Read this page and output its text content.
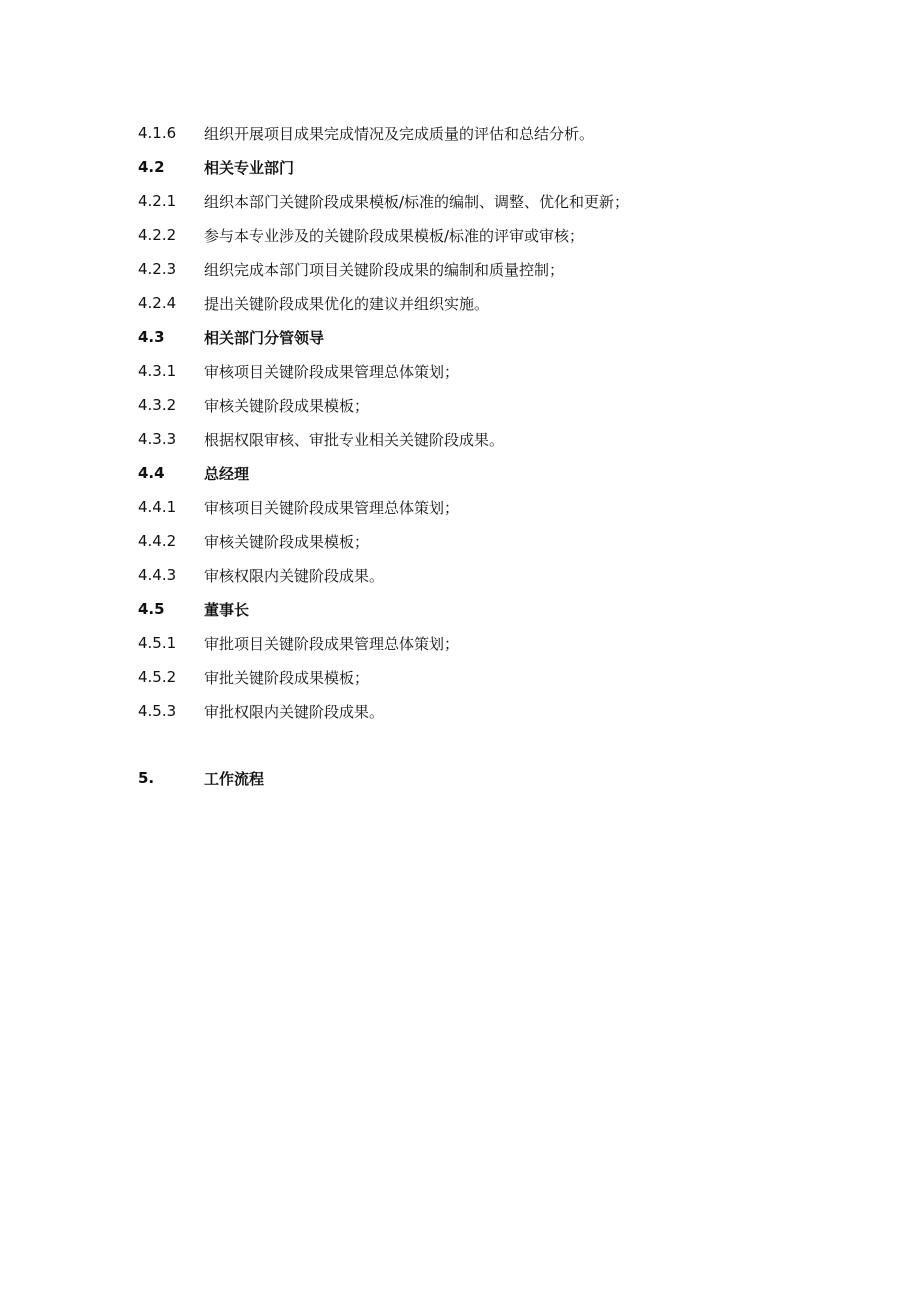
4.1.6	组织开展项目成果完成情况及完成质量的评估和总结分析。
4.2	相关专业部门
4.2.1	组织本部门关键阶段成果模板/标准的编制、调整、优化和更新；
4.2.2	参与本专业涉及的关键阶段成果模板/标准的评审或审核；
4.2.3	组织完成本部门项目关键阶段成果的编制和质量控制；
4.2.4	提出关键阶段成果优化的建议并组织实施。
4.3	相关部门分管领导
4.3.1	审核项目关键阶段成果管理总体策划；
4.3.2	审核关键阶段成果模板；
4.3.3	根据权限审核、审批专业相关关键阶段成果。
4.4	总经理
4.4.1	审核项目关键阶段成果管理总体策划；
4.4.2	审核关键阶段成果模板；
4.4.3	审核权限内关键阶段成果。
4.5	董事长
4.5.1	审批项目关键阶段成果管理总体策划；
4.5.2	审批关键阶段成果模板；
4.5.3	审批权限内关键阶段成果。
5.	工作流程
